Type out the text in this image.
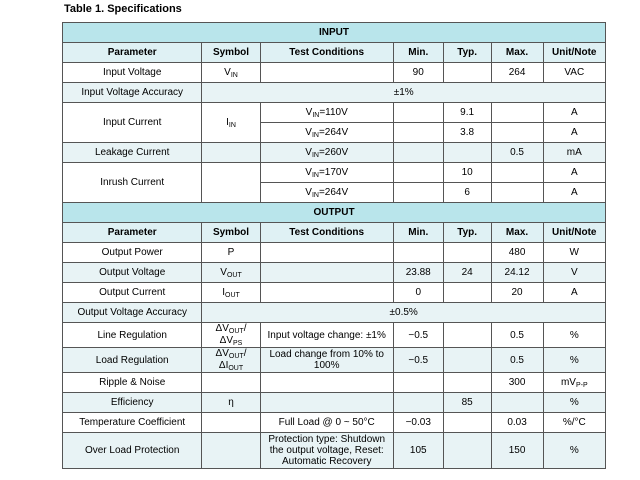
Table 1. Specifications
INPUT						
Parameter	Symbol	Test Conditions	Min.	Typ.	Max.	Unit/Note
Input Voltage	$V_{IN}$		90		264	VAC
Input Voltage Accuracy	±1%					
Input Current	$I_{IN}$	$V_{IN}=110V$		9.1		A
		$V_{IN}=264V$		3.8		A
Leakage Current		$V_{IN}=260V$			0.5	mA
Inrush Current		$V_{IN}=170V$		10		A
		$V_{IN}=264V$		6		A
OUTPUT						
Parameter	Symbol	Test Conditions	Min.	Typ.	Max.	Unit/Note
Output Power	P				480	W
Output Voltage	$V_{OUT}$		23.88	24	24.12	V
Output Current	$I_{OUT}$		0		20	A
Output Voltage Accuracy	±0.5%					
Line Regulation	$\Delta V_{OUT}/\Delta V_{PS}$	Input voltage change: ±1%	−0.5		0.5	%
Load Regulation	$\Delta V_{OUT}/\Delta I_{OUT}$	Load change from 10% to 100%	−0.5		0.5	%
Ripple & Noise					300	$mV_{P-P}$
Efficiency	η			85		%
Temperature Coefficient		Full Load @ 0 ~ 50°C	−0.03		0.03	%/°C
Over Load Protection		Protection type: Shutdown the output voltage, Reset: Automatic Recovery	105		150	%
